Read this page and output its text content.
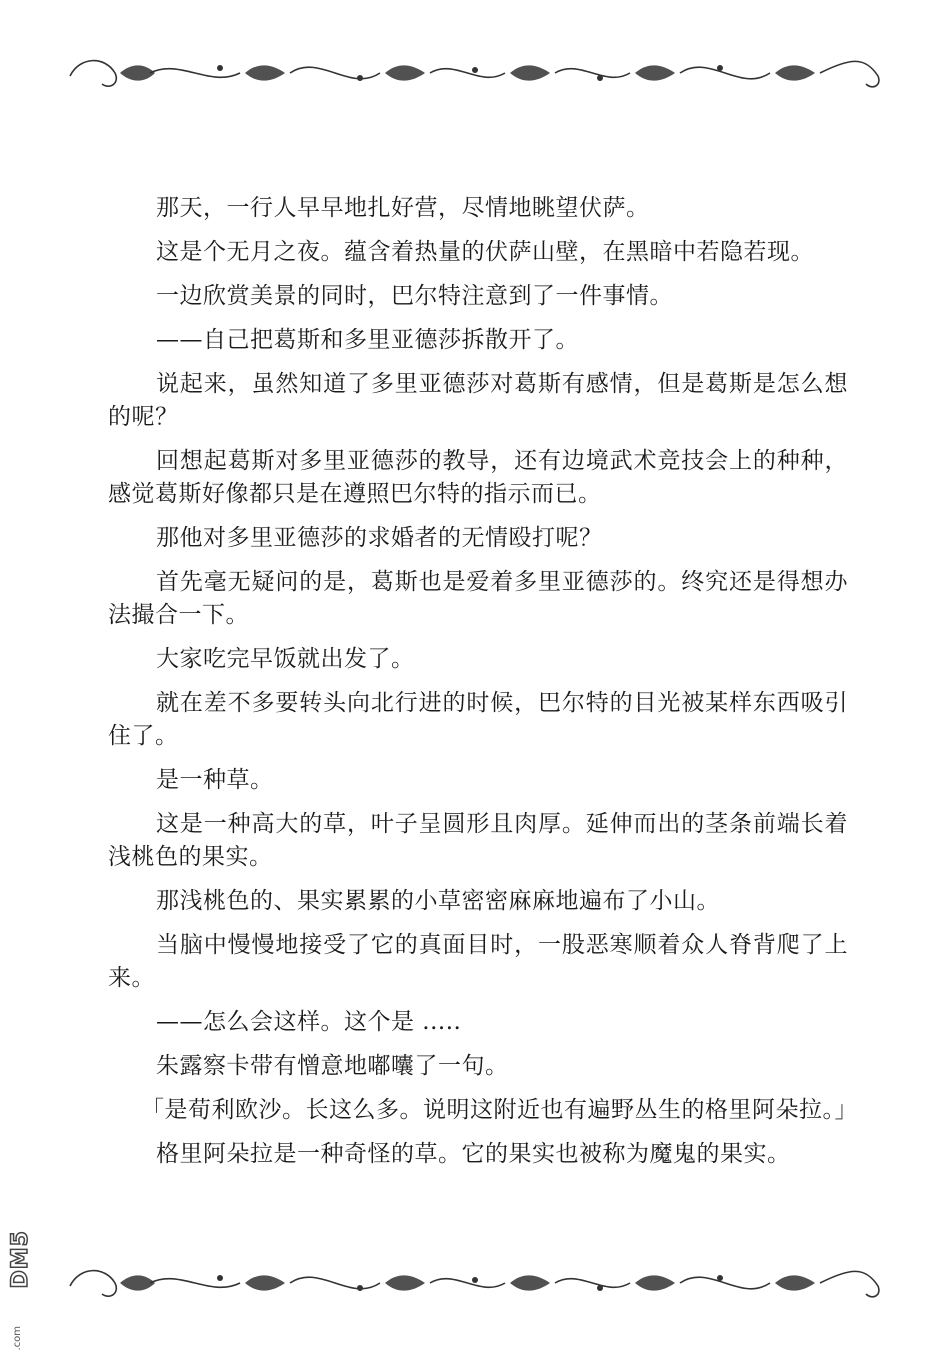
那天，一行人早早地扎好营，尽情地眺望伏萨。

这是个无月之夜。蕴含着热量的伏萨山壁，在黑暗中若隐若现。

一边欣赏美景的同时，巴尔特注意到了一件事情。

——自己把葛斯和多里亚德莎拆散开了。

说起来，虽然知道了多里亚德莎对葛斯有感情，但是葛斯是怎么想的呢？

回想起葛斯对多里亚德莎的教导，还有边境武术竞技会上的种种，感觉葛斯好像都只是在遵照巴尔特的指示而已。

那他对多里亚德莎的求婚者的无情殴打呢？

首先毫无疑问的是，葛斯也是爱着多里亚德莎的。终究还是得想办法撮合一下。

大家吃完早饭就出发了。

就在差不多要转头向北行进的时候，巴尔特的目光被某样东西吸引住了。

是一种草。

这是一种高大的草，叶子呈圆形且肉厚。延伸而出的茎条前端长着浅桃色的果实。

那浅桃色的、果实累累的小草密密麻麻地遍布了小山。

当脑中慢慢地接受了它的真面目时，一股恶寒顺着众人脊背爬了上来。

——怎么会这样。这个是 .....

朱露察卡带有憎意地嘟囔了一句。

「是荀利欧沙。长这么多。说明这附近也有遍野丛生的格里阿朵拉。」

格里阿朵拉是一种奇怪的草。它的果实也被称为魔鬼的果实。

DM5
.com
